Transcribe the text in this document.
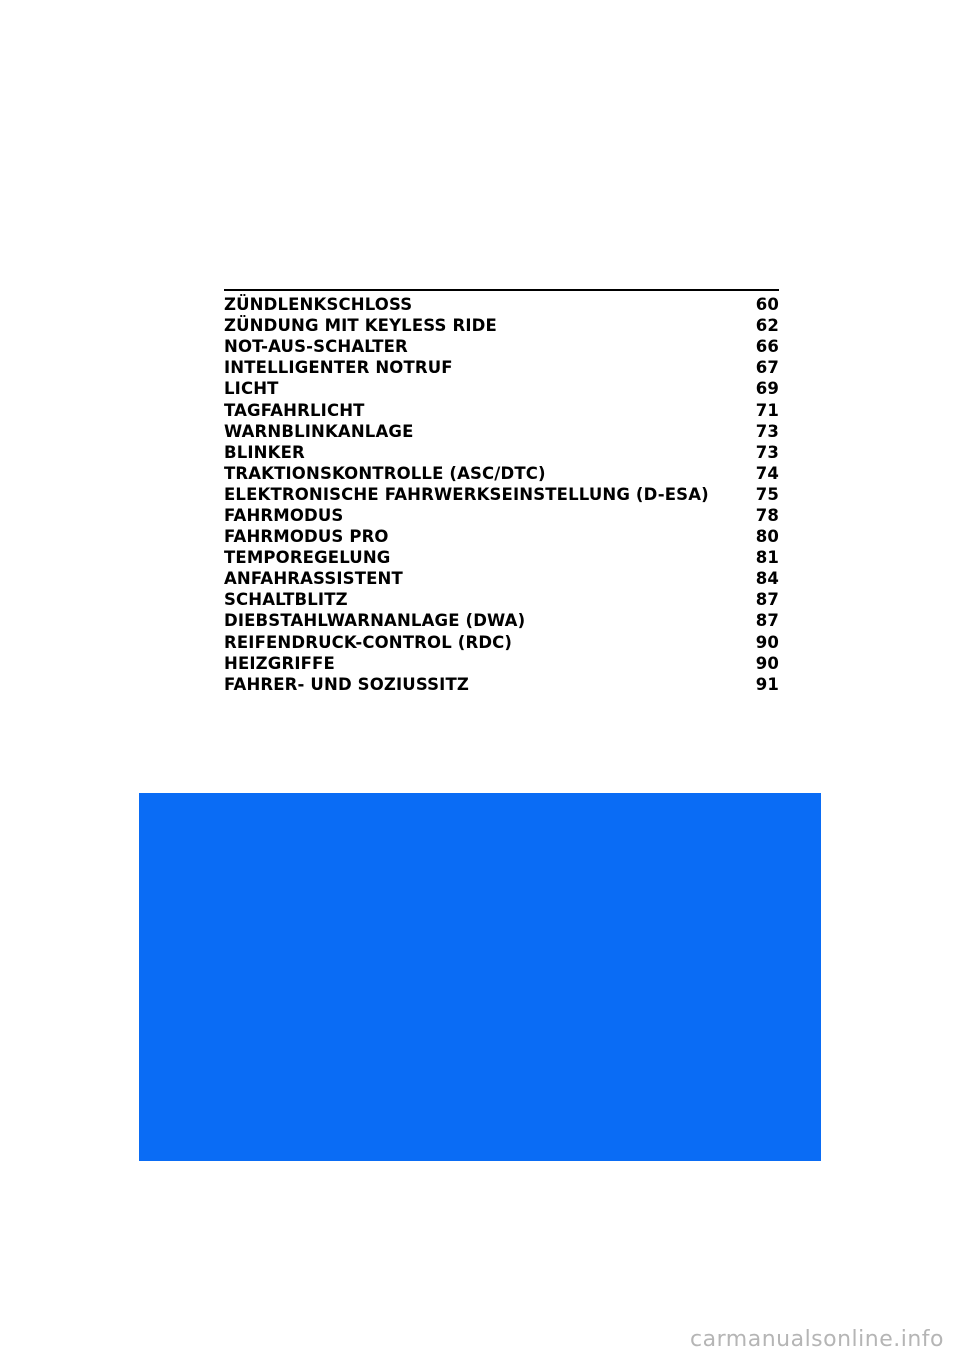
ZÜNDLENKSCHLOSS	60
ZÜNDUNG MIT KEYLESS RIDE	62
NOT-AUS-SCHALTER	66
INTELLIGENTER NOTRUF	67
LICHT	69
TAGFAHRLICHT	71
WARNBLINKANLAGE	73
BLINKER	73
TRAKTIONSKONTROLLE (ASC/DTC)	74
ELEKTRONISCHE FAHRWERKSEINSTELLUNG (D-ESA)	75
FAHRMODUS	78
FAHRMODUS PRO	80
TEMPOREGELUNG	81
ANFAHRASSISTENT	84
SCHALTBLITZ	87
DIEBSTAHLWARNANLAGE (DWA)	87
REIFENDRUCK-CONTROL (RDC)	90
HEIZGRIFFE	90
FAHRER- UND SOZIUSSITZ	91
carmanualsonline.info
